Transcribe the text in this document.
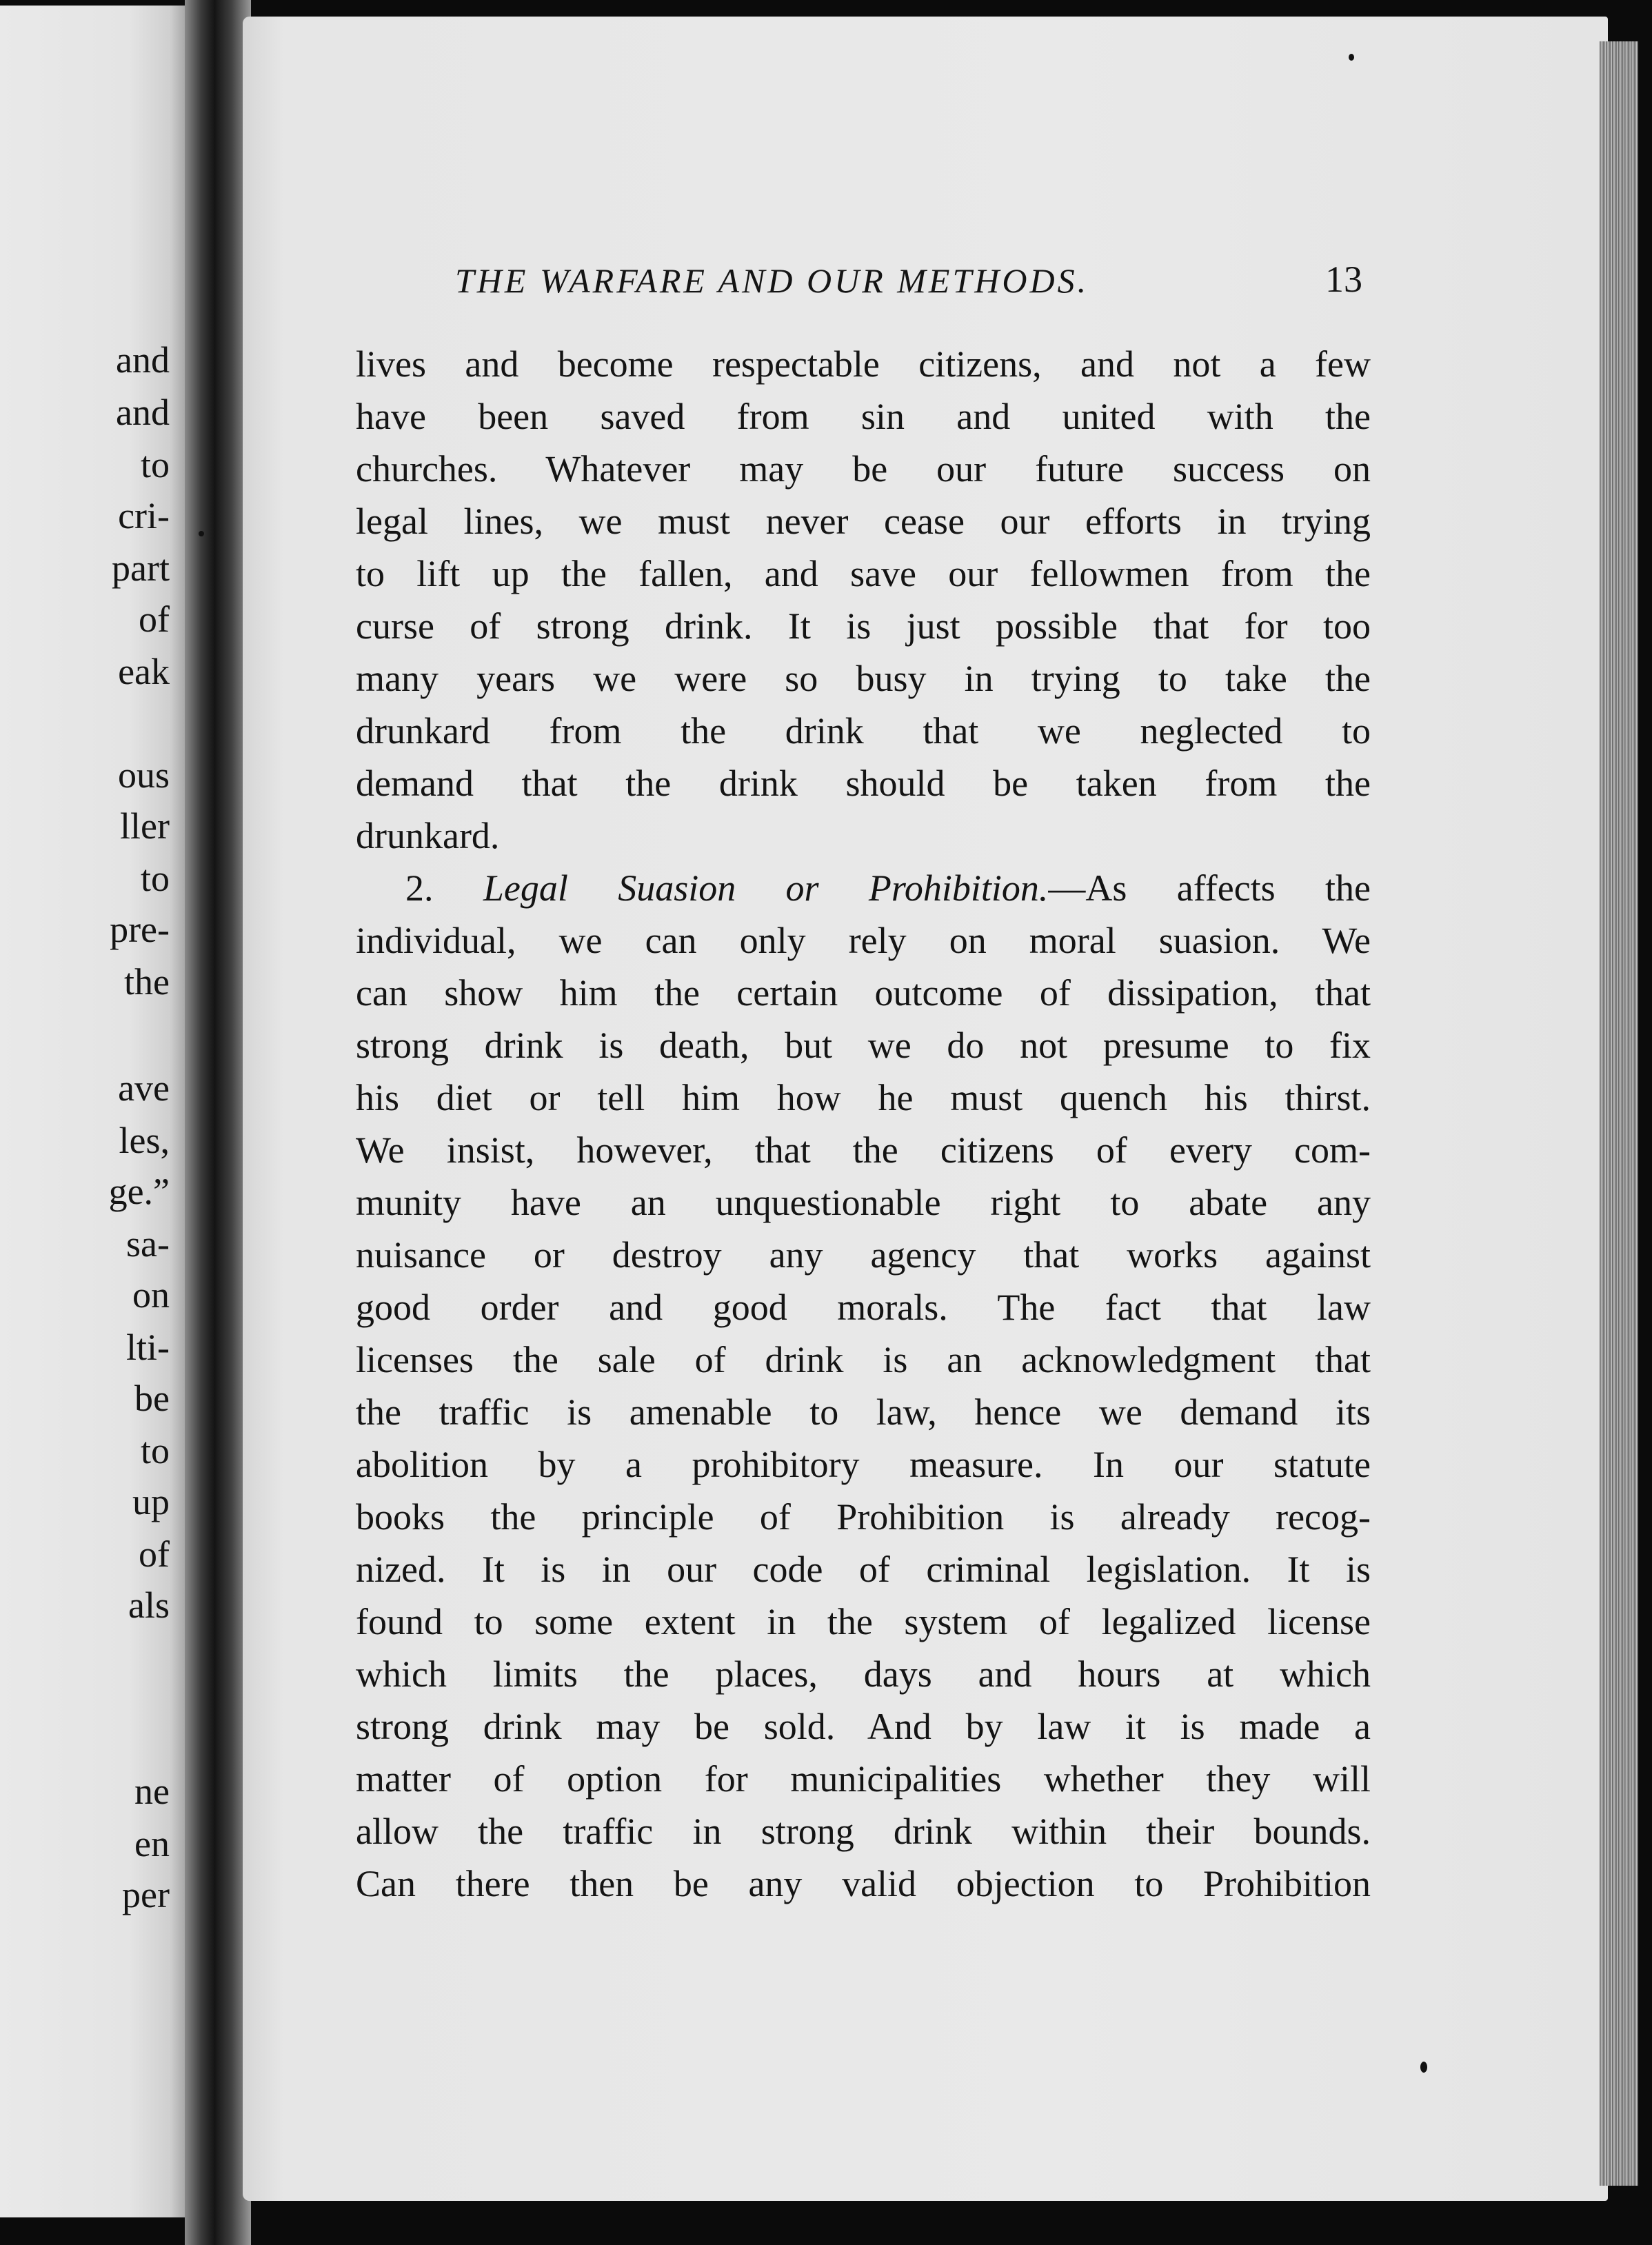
and
and
to
cri-
part
of
eak
ous
ller
to
pre-
the
ave
les,
ge.”
sa-
on
lti-
be
to
up
of
als
ne
en
per
THE WARFARE AND OUR METHODS.	13
lives and become respectable citizens, and not a few
have been saved from sin and united with the
churches. Whatever may be our future success on
legal lines, we must never cease our efforts in trying
to lift up the fallen, and save our fellowmen from the
curse of strong drink. It is just possible that for too
many years we were so busy in trying to take the
drunkard from the drink that we neglected to
demand that the drink should be taken from the
drunkard.
2. Legal Suasion or Prohibition.—As affects the
individual, we can only rely on moral suasion. We
can show him the certain outcome of dissipation, that
strong drink is death, but we do not presume to fix
his diet or tell him how he must quench his thirst.
We insist, however, that the citizens of every com-
munity have an unquestionable right to abate any
nuisance or destroy any agency that works against
good order and good morals. The fact that law
licenses the sale of drink is an acknowledgment that
the traffic is amenable to law, hence we demand its
abolition by a prohibitory measure. In our statute
books the principle of Prohibition is already recog-
nized. It is in our code of criminal legislation. It is
found to some extent in the system of legalized license
which limits the places, days and hours at which
strong drink may be sold. And by law it is made a
matter of option for municipalities whether they will
allow the traffic in strong drink within their bounds.
Can there then be any valid objection to Prohibition
